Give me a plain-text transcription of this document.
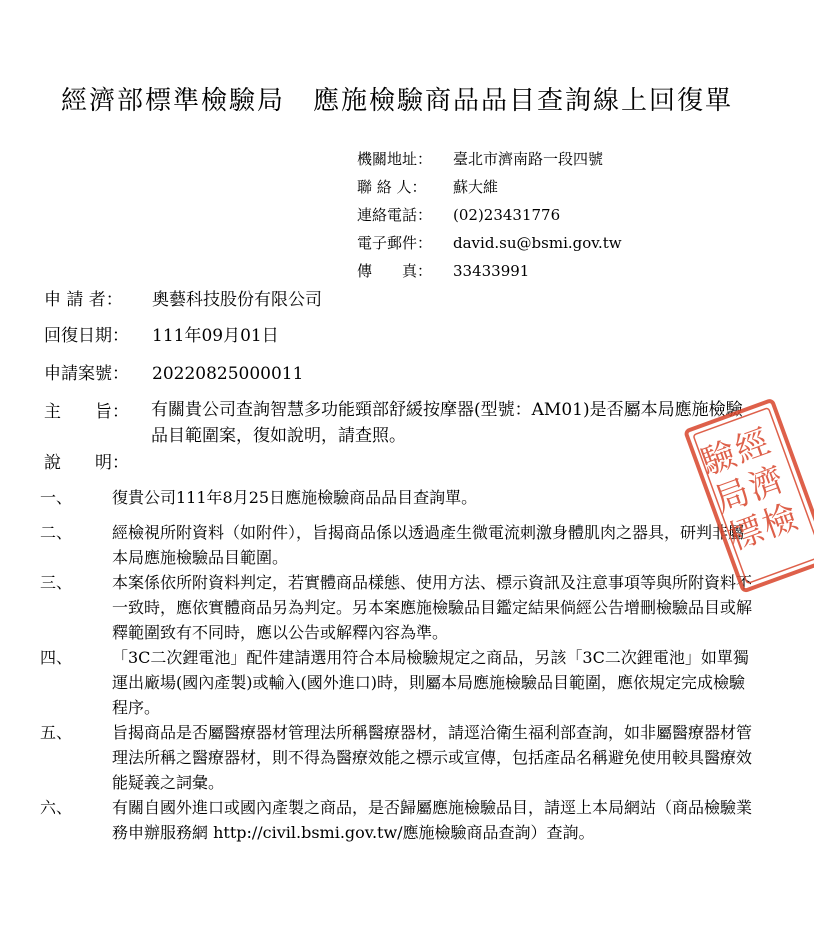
經濟部標準檢驗局　應施檢驗商品品目查詢線上回復單
機關地址： 臺北市濟南路一段四號
聯 絡 人： 蘇大維
連絡電話： (02)23431776
電子郵件： david.su@bsmi.gov.tw
傳　　真： 33433991
申 請 者： 奧藝科技股份有限公司
回復日期： 111年09月01日
申請案號： 20220825000011
主　　旨：	有關貴公司查詢智慧多功能頸部舒緩按摩器(型號：AM01)是否屬本局應施檢驗品目範圍案，復如說明，請查照。
說　　明：
一、	復貴公司111年8月25日應施檢驗商品品目查詢單。
二、	經檢視所附資料（如附件），旨揭商品係以透過產生微電流刺激身體肌肉之器具，研判非屬本局應施檢驗品目範圍。
三、	本案係依所附資料判定，若實體商品樣態、使用方法、標示資訊及注意事項等與所附資料不一致時，應依實體商品另為判定。另本案應施檢驗品目鑑定結果倘經公告增刪檢驗品目或解釋範圍致有不同時，應以公告或解釋內容為準。
四、	「3C二次鋰電池」配件建請選用符合本局檢驗規定之商品，另該「3C二次鋰電池」如單獨運出廠場(國內產製)或輸入(國外進口)時，則屬本局應施檢驗品目範圍，應依規定完成檢驗程序。
五、	旨揭商品是否屬醫療器材管理法所稱醫療器材，請逕洽衛生福利部查詢，如非屬醫療器材管理法所稱之醫療器材，則不得為醫療效能之標示或宣傳，包括產品名稱避免使用較具醫療效能疑義之詞彙。
六、	有關自國外進口或國內產製之商品，是否歸屬應施檢驗品目，請逕上本局網站（商品檢驗業務申辦服務網 http://civil.bsmi.gov.tw/應施檢驗商品查詢）查詢。
經
濟
檢
驗
局
標
